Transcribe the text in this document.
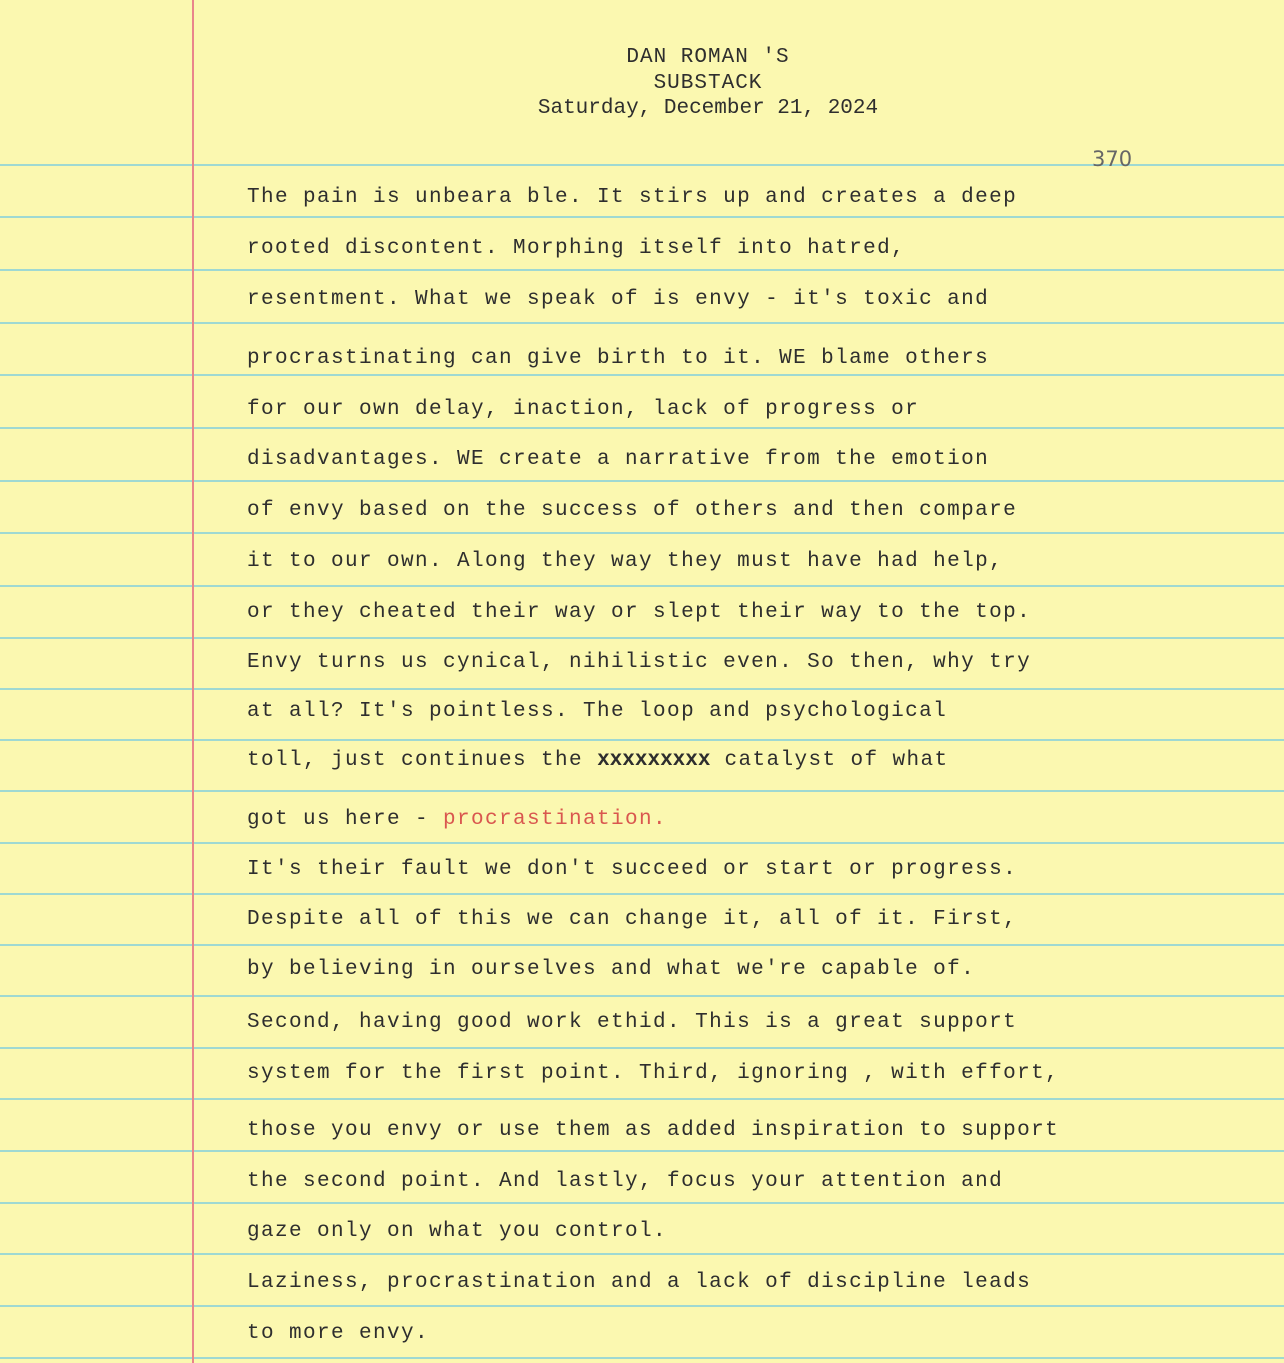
DAN ROMAN 'S
SUBSTACK
Saturday, December 21, 2024
370
The pain is unbeara ble. It stirs up and creates a deep
rooted discontent. Morphing itself into hatred,
resentment. What we speak of is envy - it's toxic and
procrastinating can give birth to it. WE blame others
for our own delay, inaction, lack of progress or
disadvantages. WE create a narrative from the emotion
of envy based on the success of others and then compare
it to our own. Along they way they must have had help,
or they cheated their way or slept their way to the top.
Envy turns us cynical, nihilistic even. So then, why try
at all? It's pointless. The loop and psychological
toll, just continues the xxxxxxxxx catalyst of what
got us here - procrastination.
It's their fault we don't succeed or start or progress.
Despite all of this we can change it, all of it. First,
by believing in ourselves and what we're capable of.
Second, having good work ethid. This is a great support
system for the first point. Third, ignoring , with effort,
those you envy or use them as added inspiration to support
the second point. And lastly, focus your attention and
gaze only on what you control.
Laziness, procrastination and a lack of discipline leads
to more envy.
